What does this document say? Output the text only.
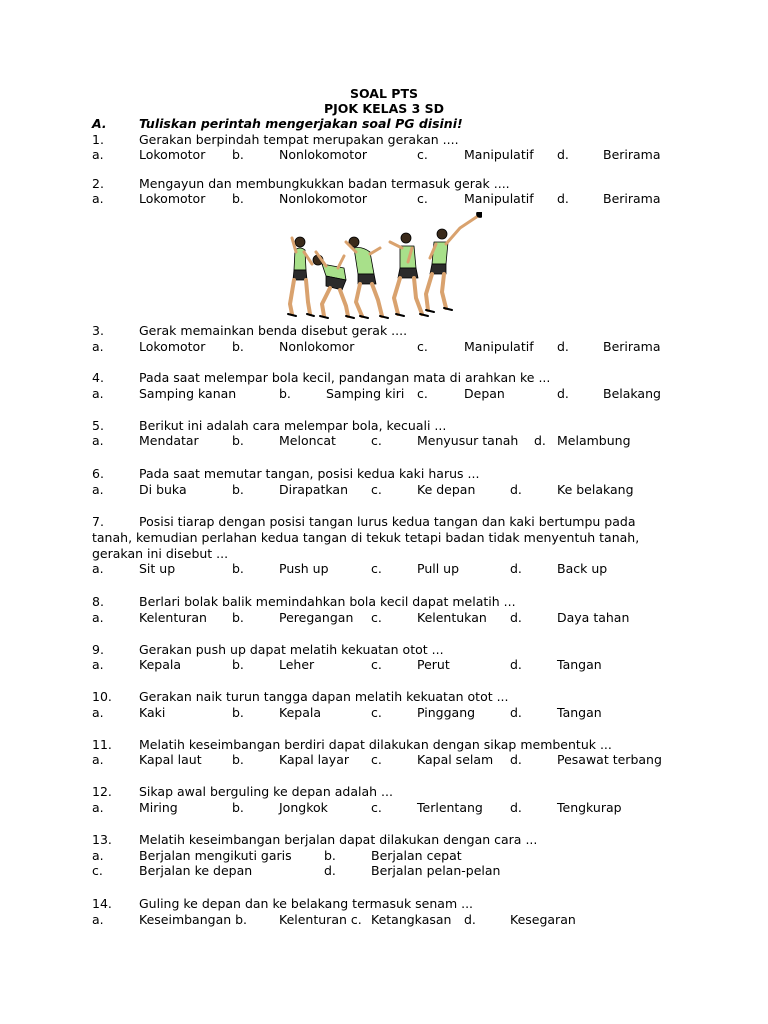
SOAL PTS
PJOK KELAS 3 SD
A.	Tuliskan perintah mengerjakan soal PG disini!
1.	Gerakan berpindah tempat merupakan gerakan ....
a.	Lokomotor b.	Nonlokomotor	c.	Manipulatif d.	Berirama
2.	Mengayun dan membungkukkan badan termasuk gerak ....
a.	Lokomotor b.	Nonlokomotor	c.	Manipulatif d.	Berirama
3.	Gerak memainkan benda disebut gerak ....
a.	Lokomotor b.	Nonlokomor	c.	Manipulatif d.	Berirama
4.	Pada saat melempar bola kecil, pandangan mata di arahkan ke ...
a.	Samping kanan	b.	Samping kiri c.	Depan	d.	Belakang
5.	Berikut ini adalah cara melempar bola, kecuali ...
a.	Mendatar	b.	Meloncat	c.	Menyusur tanah d. Melambung
6.	Pada saat memutar tangan, posisi kedua kaki harus ...
a.	Di buka	b.	Dirapatkan c.	Ke depan	d.	Ke belakang
7.	Posisi tiarap dengan posisi tangan lurus kedua tangan dan kaki bertumpu pada
tanah, kemudian perlahan kedua tangan di tekuk tetapi badan tidak menyentuh tanah,
gerakan ini disebut ...
a.	Sit up	b.	Push up	c.	Pull up	d.	Back up
8.	Berlari bolak balik memindahkan bola kecil dapat melatih ...
a.	Kelenturan b.	Peregangan c.	Kelentukan d.	Daya tahan
9.	Gerakan push up dapat melatih kekuatan otot ...
a.	Kepala	b.	Leher	c.	Perut	d.	Tangan
10. Gerakan naik turun tangga dapan melatih kekuatan otot ...
a.	Kaki	b.	Kepala	c.	Pinggang	d.	Tangan
11. Melatih keseimbangan berdiri dapat dilakukan dengan sikap membentuk ...
a.	Kapal laut b.	Kapal layar c.	Kapal selam d.	Pesawat terbang
12. Sikap awal berguling ke depan adalah ...
a.	Miring	b.	Jongkok	c.	Terlentang d.	Tengkurap
13. Melatih keseimbangan berjalan dapat dilakukan dengan cara ...
a.	Berjalan mengikuti garis	b.	Berjalan cepat
c.	Berjalan ke depan	d.	Berjalan pelan-pelan
14. Guling ke depan dan ke belakang termasuk senam ...
a.	Keseimbangan b.	Kelenturan c. Ketangkasan d.	Kesegaran
